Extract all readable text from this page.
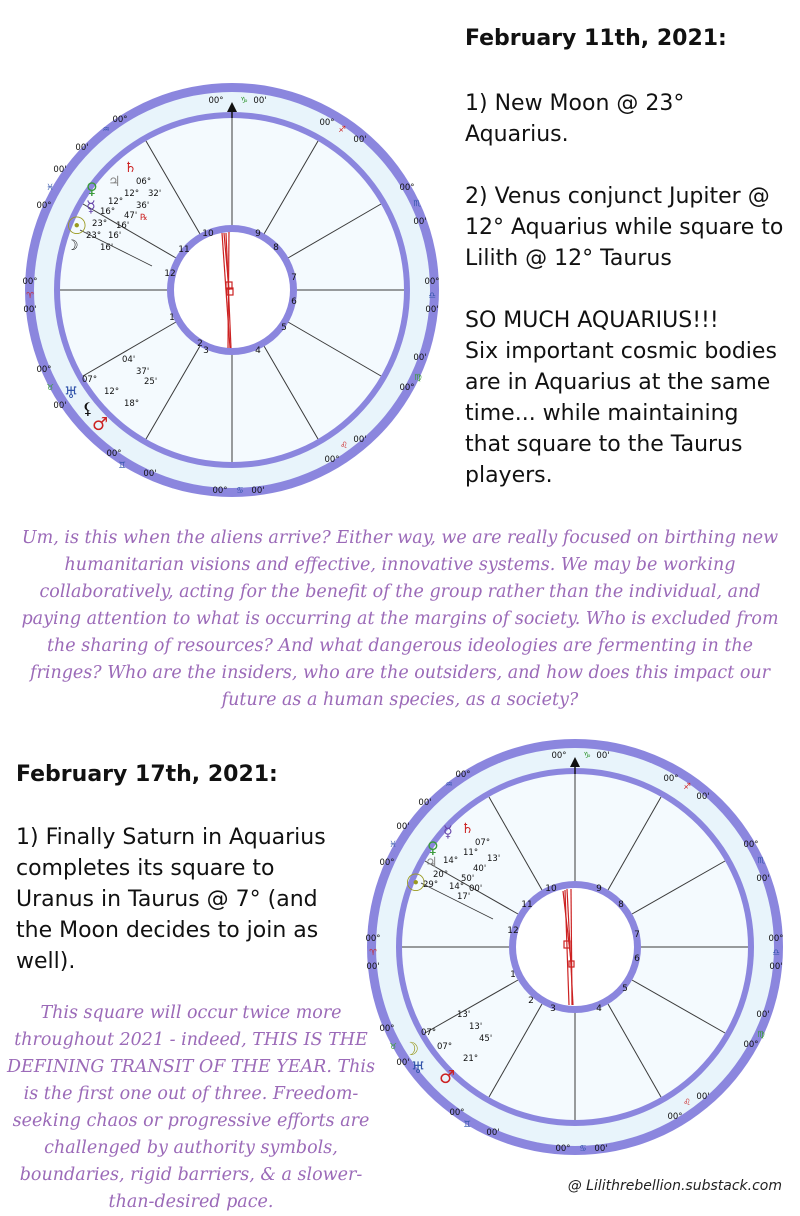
February 11th, 2021:

1) New Moon @ 23° Aquarius.

2) Venus conjunct Jupiter @ 12° Aquarius while square to Lilith @ 12° Taurus

SO MUCH AQUARIUS!!!
Six important cosmic bodies are in Aquarius at the same time... while maintaining that square to the Taurus players.

Um, is this when the aliens arrive? Either way, we are really focused on birthing new humanitarian visions and effective, innovative systems. We may be working collaboratively, acting for the benefit of the group rather than the individual, and paying attention to what is occurring at the margins of society. Who is excluded from the sharing of resources? And what dangerous ideologies are fermenting in the fringes? Who are the insiders, who are the outsiders, and how does this impact our future as a human species, as a society?
February 17th, 2021:

1) Finally Saturn in Aquarius completes its square to Uranus in Taurus @ 7° (and the Moon decides to join as well).

This square will occur twice more throughout 2021 - indeed, THIS IS THE DEFINING TRANSIT OF THE YEAR. This is the first one out of three. Freedom-seeking chaos or progressive efforts are challenged by authority symbols, boundaries, rigid barriers, & a slower-than-desired pace.
@ Lilithrebellion.substack.com
1
2
3	4
5
6
7
8
9
10
11
12
00° ♑ 00'
00° ♋ 00'
00°
♈
00'
00°
♎
00'
00°
♐
00'
00°
♏
00'
00°
♍
00'
00°
♌
00'
00°
♊
00'
00°
♉
00'
00°
♓
00'
00°
♒
00'
♄
♃
♀
☿
☉
☽
06°
12°
12°
16°
23°
23°
32'
36'
47'
16'
16'
16'
℞
04'
37'
25'
07°
12°
18°
♅
⚸
♂
1
2
3	4
5
6
7
8
9
10
11
12
00° ♑ 00'
00° ♋ 00'
00°
♈
00'
00°
♎
00'
00°
♐
00'
00°
♏
00'
00°
♍
00'
00°
♌
00'
00°
♊
00'
00°
♉
00'
00°
♓
00'
00°
♒
00'
♄
☿
♀
♃
☉
07°
11°
14°
20°
29° 14°
17'
13'
40'
50'
00'
13'
13'
45'
07°
07°
21°
☽
♅ ♂
